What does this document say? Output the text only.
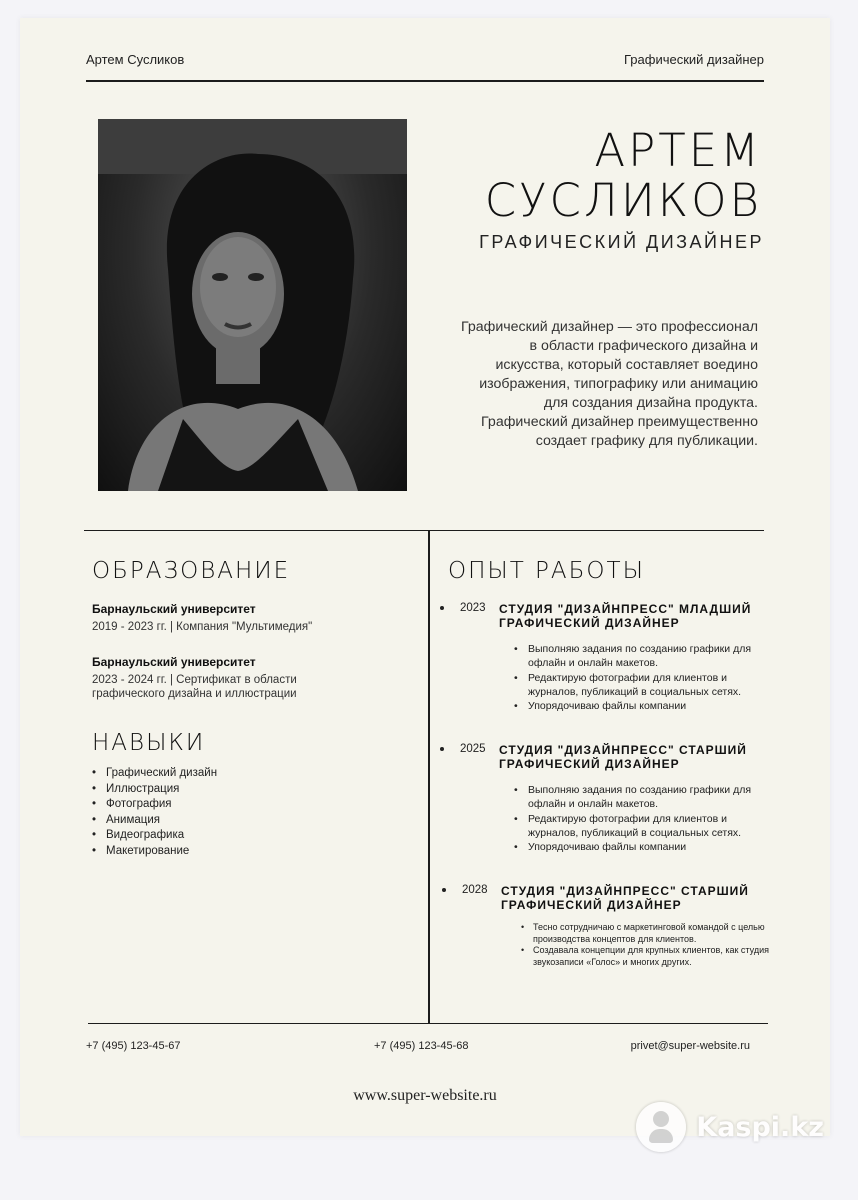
Артем Сусликов	Графический дизайнер
АРТЕМ
СУСЛИКОВ
ГРАФИЧЕСКИЙ ДИЗАЙНЕР
Графический дизайнер — это профессионал в области графического дизайна и искусства, который составляет воедино изображения, типографику или анимацию для создания дизайна продукта. Графический дизайнер преимущественно создает графику для публикации.
ОБРАЗОВАНИЕ
Барнаульский университет
2019 - 2023 гг. | Компания "Мультимедия"
Барнаульский университет
2023 - 2024 гг. | Сертификат в области графического дизайна и иллюстрации
НАВЫКИ
• Графический дизайн
• Иллюстрация
• Фотография
• Анимация
• Видеографика
• Макетирование
ОПЫТ РАБОТЫ
2023 СТУДИЯ "ДИЗАЙНПРЕСС" МЛАДШИЙ ГРАФИЧЕСКИЙ ДИЗАЙНЕР
• Выполняю задания по созданию графики для офлайн и онлайн макетов.
• Редактирую фотографии для клиентов и журналов, публикаций в социальных сетях.
• Упорядочиваю файлы компании
2025 СТУДИЯ "ДИЗАЙНПРЕСС" СТАРШИЙ ГРАФИЧЕСКИЙ ДИЗАЙНЕР
• Выполняю задания по созданию графики для офлайн и онлайн макетов.
• Редактирую фотографии для клиентов и журналов, публикаций в социальных сетях.
• Упорядочиваю файлы компании
2028 СТУДИЯ "ДИЗАЙНПРЕСС" СТАРШИЙ ГРАФИЧЕСКИЙ ДИЗАЙНЕР
• Тесно сотрудничаю с маркетинговой командой с целью производства концептов для клиентов.
• Создавала концепции для крупных клиентов, как студия звукозаписи «Голос» и многих других.
+7 (495) 123-45-67	+7 (495) 123-45-68	privet@super-website.ru
www.super-website.ru
Kaspi.kz
